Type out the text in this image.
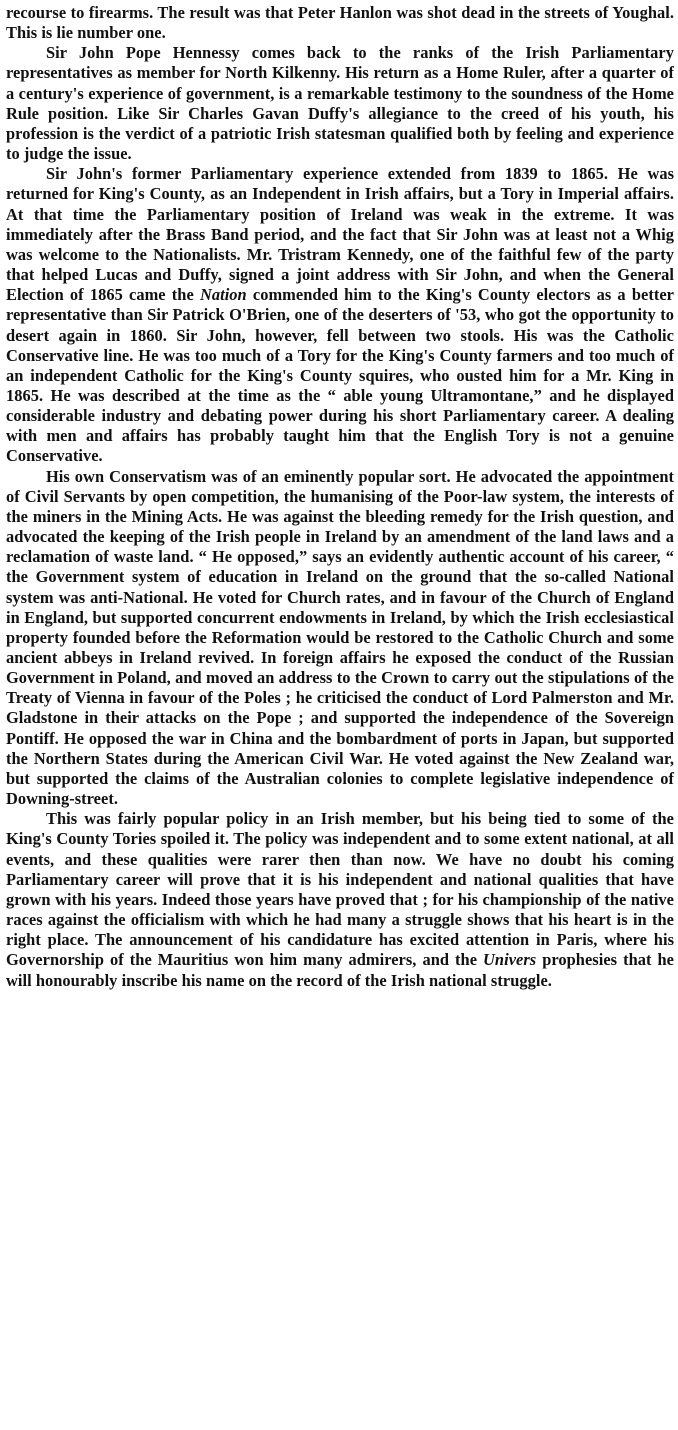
recourse to firearms. The result was that Peter Hanlon was shot dead in the streets of Youghal. This is lie number one.

Sir John Pope Hennessy comes back to the ranks of the Irish Parliamentary representatives as member for North Kilkenny. His return as a Home Ruler, after a quarter of a century's experience of government, is a remarkable testimony to the soundness of the Home Rule position. Like Sir Charles Gavan Duffy's allegiance to the creed of his youth, his profession is the verdict of a patriotic Irish statesman qualified both by feeling and experience to judge the issue.

Sir John's former Parliamentary experience extended from 1839 to 1865. He was returned for King's County, as an Independent in Irish affairs, but a Tory in Imperial affairs. At that time the Parliamentary position of Ireland was weak in the extreme. It was immediately after the Brass Band period, and the fact that Sir John was at least not a Whig was welcome to the Nationalists. Mr. Tristram Kennedy, one of the faithful few of the party that helped Lucas and Duffy, signed a joint address with Sir John, and when the General Election of 1865 came the Nation commended him to the King's County electors as a better representative than Sir Patrick O'Brien, one of the deserters of '53, who got the opportunity to desert again in 1860. Sir John, however, fell between two stools. His was the Catholic Conservative line. He was too much of a Tory for the King's County farmers and too much of an independent Catholic for the King's County squires, who ousted him for a Mr. King in 1865. He was described at the time as the “ able young Ultramontane,” and he displayed considerable industry and debating power during his short Parliamentary career. A dealing with men and affairs has probably taught him that the English Tory is not a genuine Conservative.

His own Conservatism was of an eminently popular sort. He advocated the appointment of Civil Servants by open competition, the humanising of the Poor-law system, the interests of the miners in the Mining Acts. He was against the bleeding remedy for the Irish question, and advocated the keeping of the Irish people in Ireland by an amendment of the land laws and a reclamation of waste land. “ He opposed,” says an evidently authentic account of his career, “ the Government system of education in Ireland on the ground that the so-called National system was anti-National. He voted for Church rates, and in favour of the Church of England in England, but supported concurrent endowments in Ireland, by which the Irish ecclesiastical property founded before the Reformation would be restored to the Catholic Church and some ancient abbeys in Ireland revived. In foreign affairs he exposed the conduct of the Russian Government in Poland, and moved an address to the Crown to carry out the stipulations of the Treaty of Vienna in favour of the Poles ; he criticised the conduct of Lord Palmerston and Mr. Gladstone in their attacks on the Pope ; and supported the independence of the Sovereign Pontiff. He opposed the war in China and the bombardment of ports in Japan, but supported the Northern States during the American Civil War. He voted against the New Zealand war, but supported the claims of the Australian colonies to complete legislative independence of Downing-street.

This was fairly popular policy in an Irish member, but his being tied to some of the King's County Tories spoiled it. The policy was independent and to some extent national, at all events, and these qualities were rarer then than now. We have no doubt his coming Parliamentary career will prove that it is his independent and national qualities that have grown with his years. Indeed those years have proved that ; for his championship of the native races against the officialism with which he had many a struggle shows that his heart is in the right place. The announcement of his candidature has excited attention in Paris, where his Governorship of the Mauritius won him many admirers, and the Univers prophesies that he will honourably inscribe his name on the record of the Irish national struggle.
